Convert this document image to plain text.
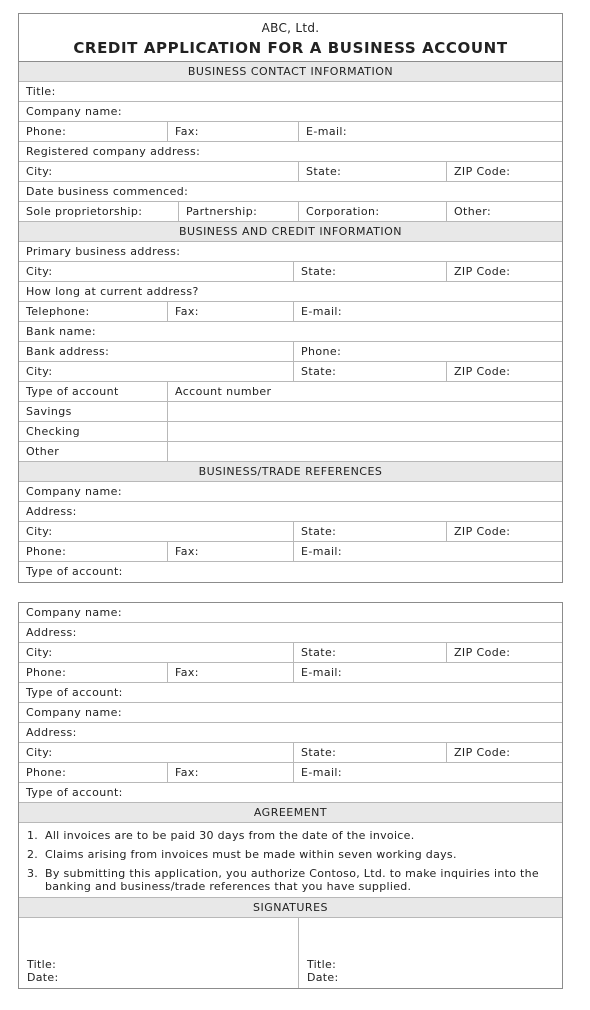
ABC, Ltd.
CREDIT APPLICATION FOR A BUSINESS ACCOUNT
BUSINESS CONTACT INFORMATION
Title:
Company name:
Phone:	Fax:	E-mail:
Registered company address:
City:	State:	ZIP Code:
Date business commenced:
Sole proprietorship:	Partnership:	Corporation:	Other:
BUSINESS AND CREDIT INFORMATION
Primary business address:
City:	State:	ZIP Code:
How long at current address?
Telephone:	Fax:	E-mail:
Bank name:
Bank address:	Phone:
City:	State:	ZIP Code:
Type of account	Account number
Savings
Checking
Other
BUSINESS/TRADE REFERENCES
Company name:
Address:
City:	State:	ZIP Code:
Phone:	Fax:	E-mail:
Type of account:
Company name:
Address:
City:	State:	ZIP Code:
Phone:	Fax:	E-mail:
Type of account:
Company name:
Address:
City:	State:	ZIP Code:
Phone:	Fax:	E-mail:
Type of account:
AGREEMENT
1. All invoices are to be paid 30 days from the date of the invoice.
2. Claims arising from invoices must be made within seven working days.
3. By submitting this application, you authorize Contoso, Ltd. to make inquiries into the banking and business/trade references that you have supplied.
SIGNATURES
Title:
Date:
Title:
Date:
